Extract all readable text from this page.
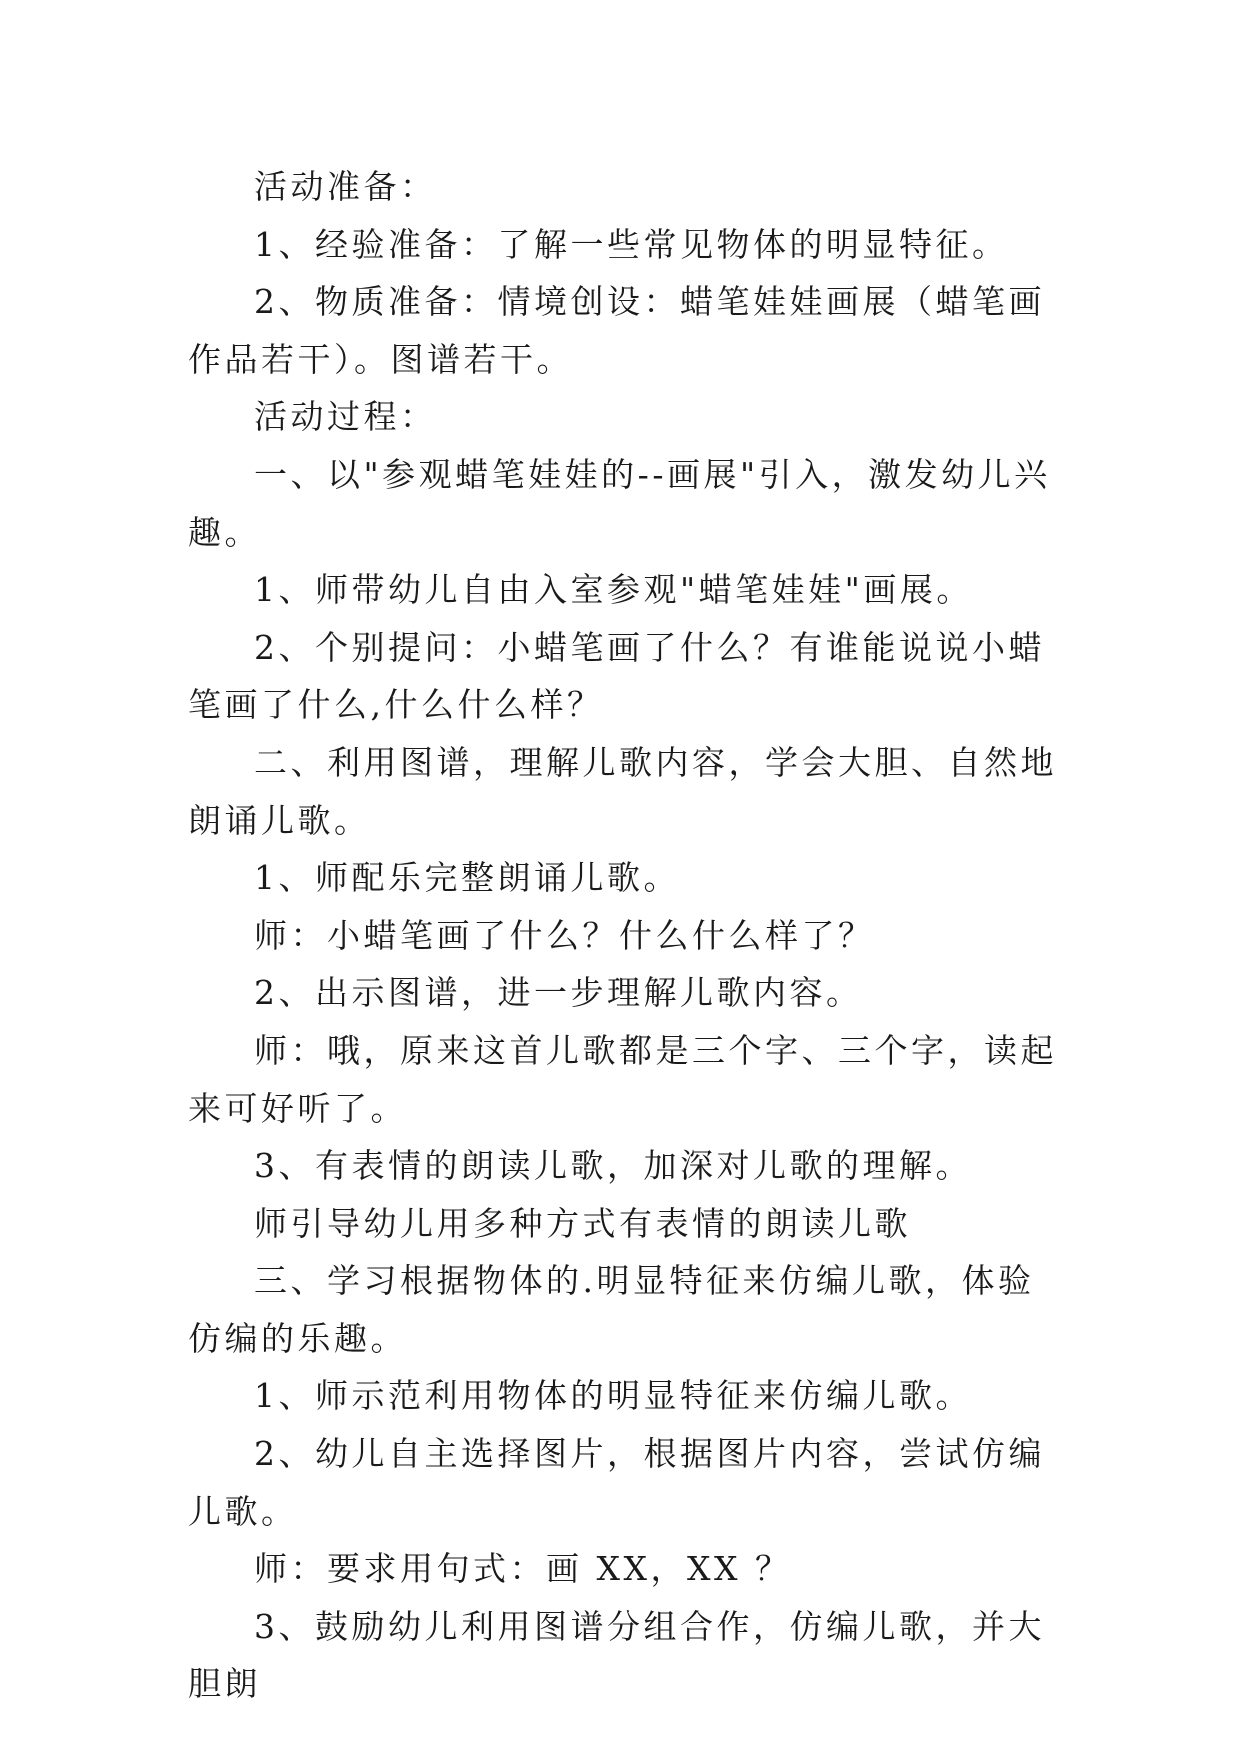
活动准备：

1、经验准备：了解一些常见物体的明显特征。

2、物质准备：情境创设：蜡笔娃娃画展（蜡笔画作品若干）。图谱若干。

活动过程：

一、以"参观蜡笔娃娃的--画展"引入，激发幼儿兴趣。

1、师带幼儿自由入室参观"蜡笔娃娃"画展。

2、个别提问：小蜡笔画了什么？有谁能说说小蜡笔画了什么,什么什么样？

二、利用图谱，理解儿歌内容，学会大胆、自然地朗诵儿歌。

1、师配乐完整朗诵儿歌。

师：小蜡笔画了什么？什么什么样了？

2、出示图谱，进一步理解儿歌内容。

师：哦，原来这首儿歌都是三个字、三个字，读起来可好听了。

3、有表情的朗读儿歌，加深对儿歌的理解。

师引导幼儿用多种方式有表情的朗读儿歌

三、学习根据物体的.明显特征来仿编儿歌，体验仿编的乐趣。

1、师示范利用物体的明显特征来仿编儿歌。

2、幼儿自主选择图片，根据图片内容，尝试仿编儿歌。

师：要求用句式：画 XX，XX ？

3、鼓励幼儿利用图谱分组合作，仿编儿歌，并大胆朗
